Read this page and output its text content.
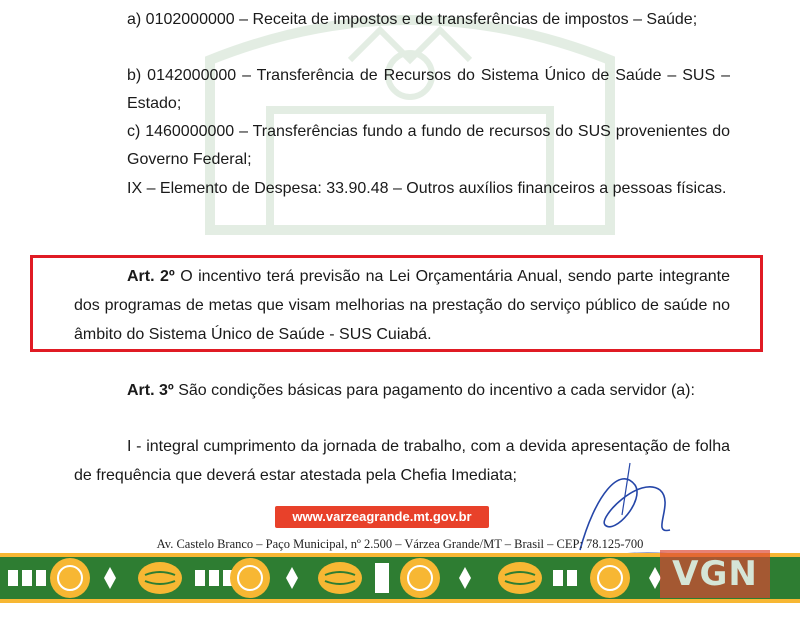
a) 0102000000 – Receita de impostos e de transferências de impostos – Saúde;

b) 0142000000 – Transferência de Recursos do Sistema Único de Saúde – SUS – Estado;

c) 1460000000 – Transferências fundo a fundo de recursos do SUS provenientes do Governo Federal;

IX – Elemento de Despesa: 33.90.48 – Outros auxílios financeiros a pessoas físicas.

Art. 2º O incentivo terá previsão na Lei Orçamentária Anual, sendo parte integrante dos programas de metas que visam melhorias na prestação do serviço público de saúde no âmbito do Sistema Único de Saúde - SUS Cuiabá.

Art. 3º São condições básicas para pagamento do incentivo a cada servidor (a):

I - integral cumprimento da jornada de trabalho, com a devida apresentação de folha de frequência que deverá estar atestada pela Chefia Imediata;

www.varzeagrande.mt.gov.br
Av. Castelo Branco – Paço Municipal, nº 2.500 – Várzea Grande/MT – Brasil – CEP: 78.125-700
VGN
